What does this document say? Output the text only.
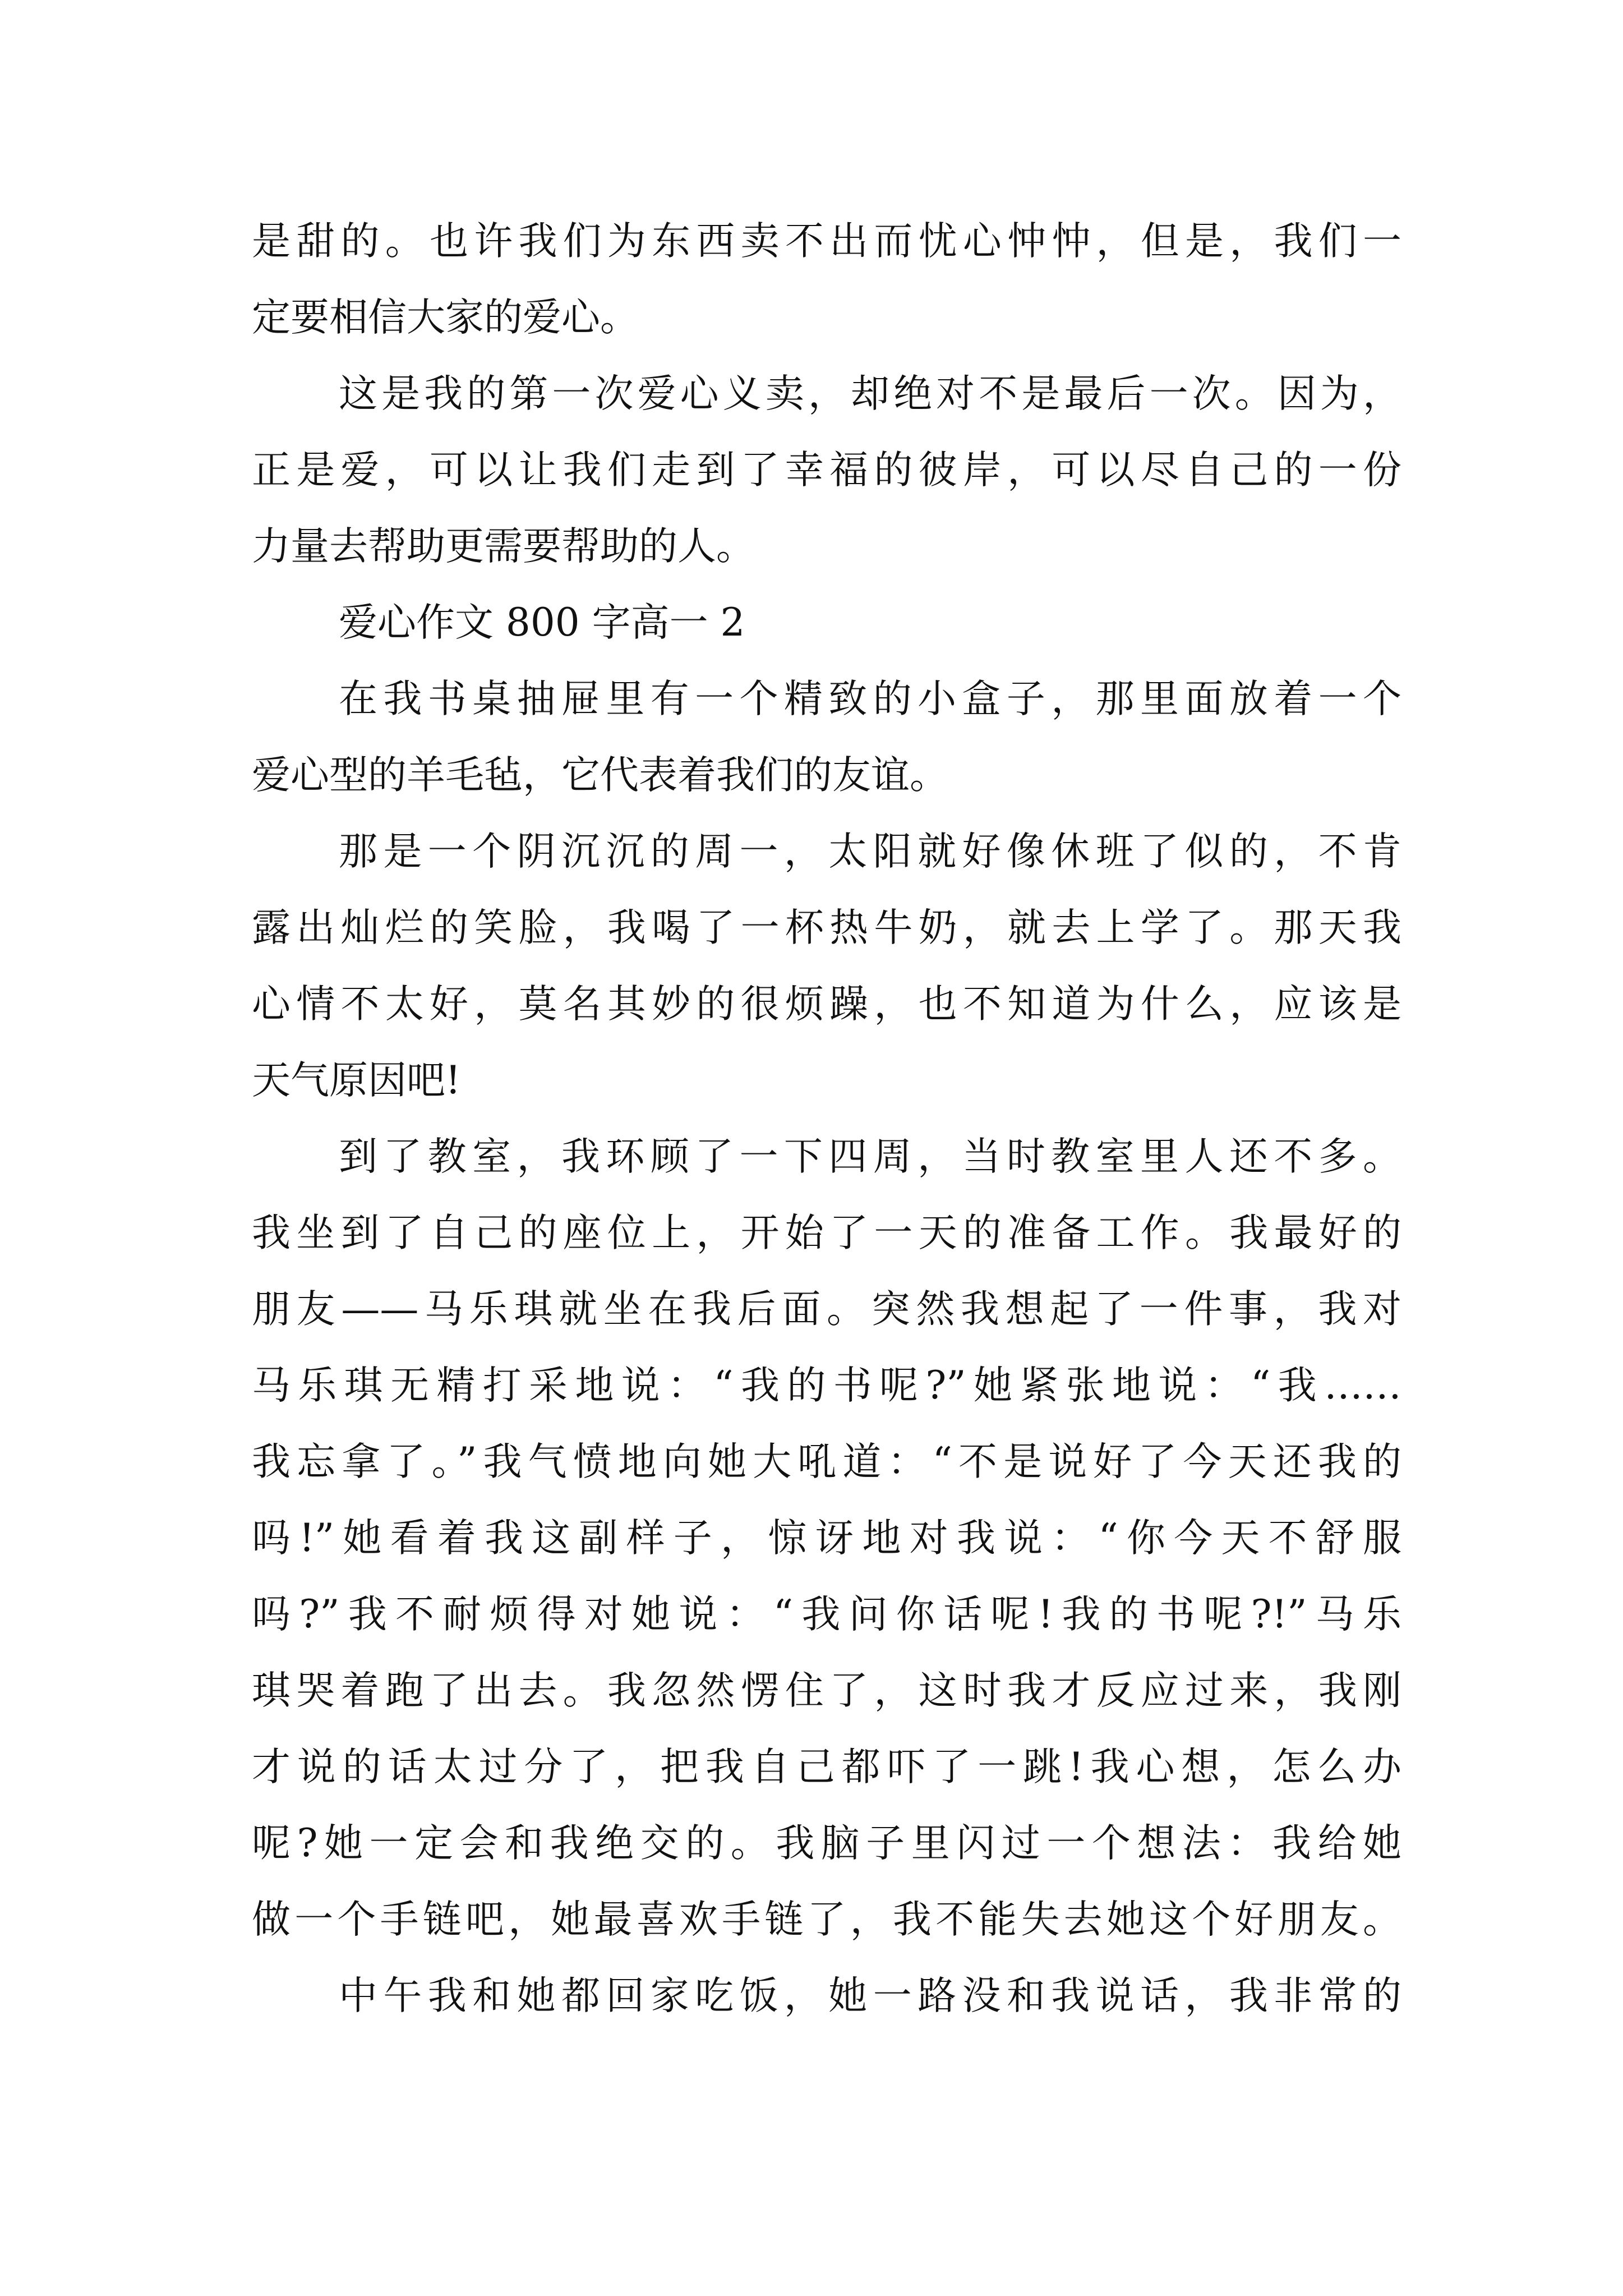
是甜的。也许我们为东西卖不出而忧心忡忡，但是，我们一
定要相信大家的爱心。
这是我的第一次爱心义卖，却绝对不是最后一次。因为，
正是爱，可以让我们走到了幸福的彼岸，可以尽自己的一份
力量去帮助更需要帮助的人。
爱心作文 800 字高一 2
在我书桌抽屉里有一个精致的小盒子，那里面放着一个
爱心型的羊毛毡，它代表着我们的友谊。
那是一个阴沉沉的周一，太阳就好像休班了似的，不肯
露出灿烂的笑脸，我喝了一杯热牛奶，就去上学了。那天我
心情不太好，莫名其妙的很烦躁，也不知道为什么，应该是
天气原因吧!
到了教室，我环顾了一下四周，当时教室里人还不多。
我坐到了自己的座位上，开始了一天的准备工作。我最好的
朋友——马乐琪就坐在我后面。突然我想起了一件事，我对
马乐琪无精打采地说：“我的书呢?”她紧张地说：“我……
我忘拿了。”我气愤地向她大吼道：“不是说好了今天还我的
吗!”她看着我这副样子，惊讶地对我说：“你今天不舒服
吗?”我不耐烦得对她说：“我问你话呢!我的书呢?!”马乐
琪哭着跑了出去。我忽然愣住了，这时我才反应过来，我刚
才说的话太过分了，把我自己都吓了一跳!我心想，怎么办
呢?她一定会和我绝交的。我脑子里闪过一个想法：我给她
做一个手链吧，她最喜欢手链了，我不能失去她这个好朋友。
中午我和她都回家吃饭，她一路没和我说话，我非常的
